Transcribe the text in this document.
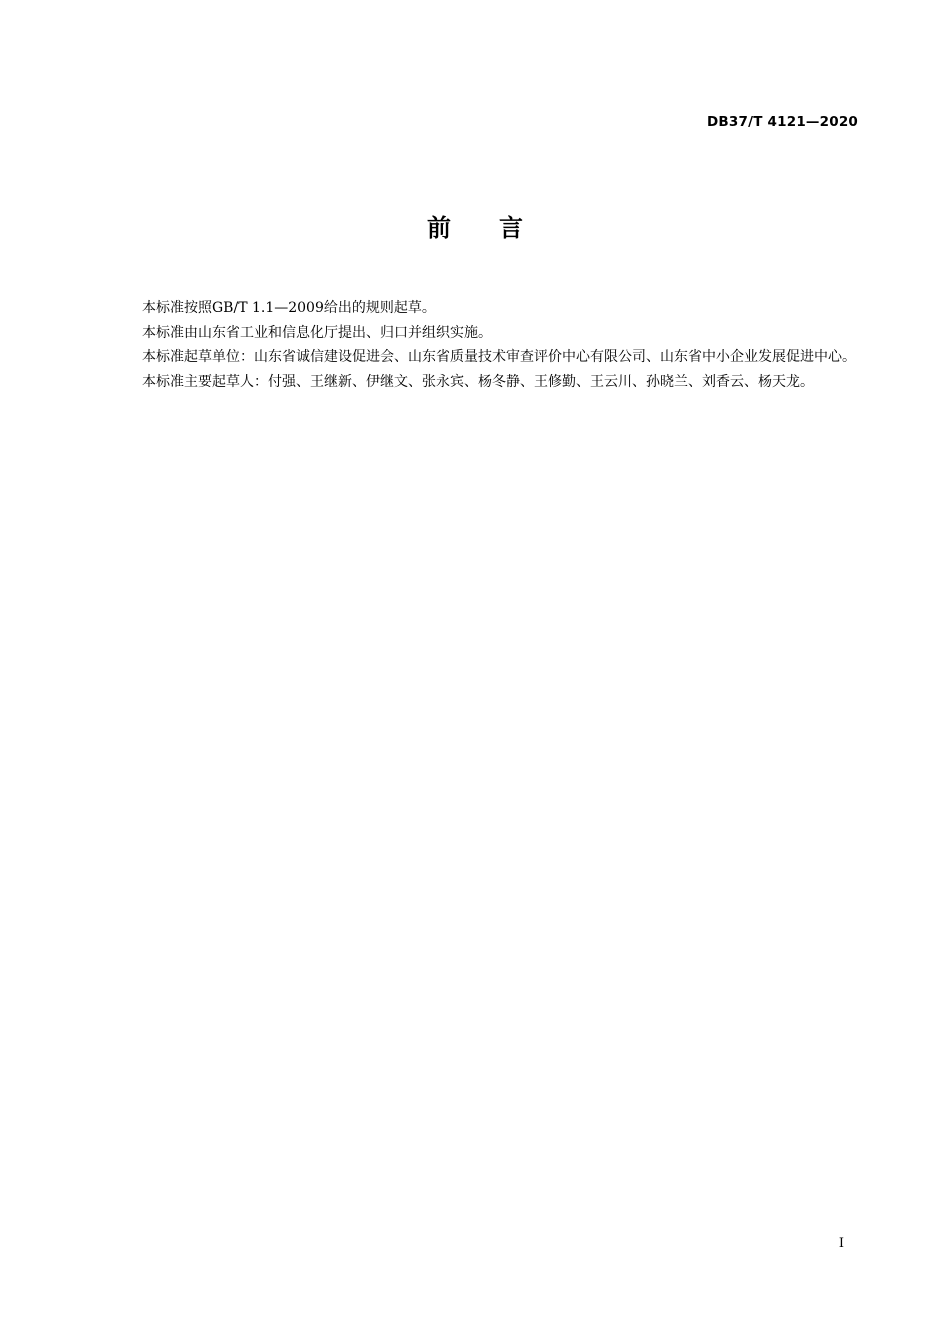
DB37/T 4121—2020
前　　言

本标准按照GB/T 1.1—2009给出的规则起草。

本标准由山东省工业和信息化厅提出、归口并组织实施。

本标准起草单位：山东省诚信建设促进会、山东省质量技术审查评价中心有限公司、山东省中小企业发展促进中心。

本标准主要起草人：付强、王继新、伊继文、张永宾、杨冬静、王修勤、王云川、孙晓兰、刘香云、杨天龙。

I
